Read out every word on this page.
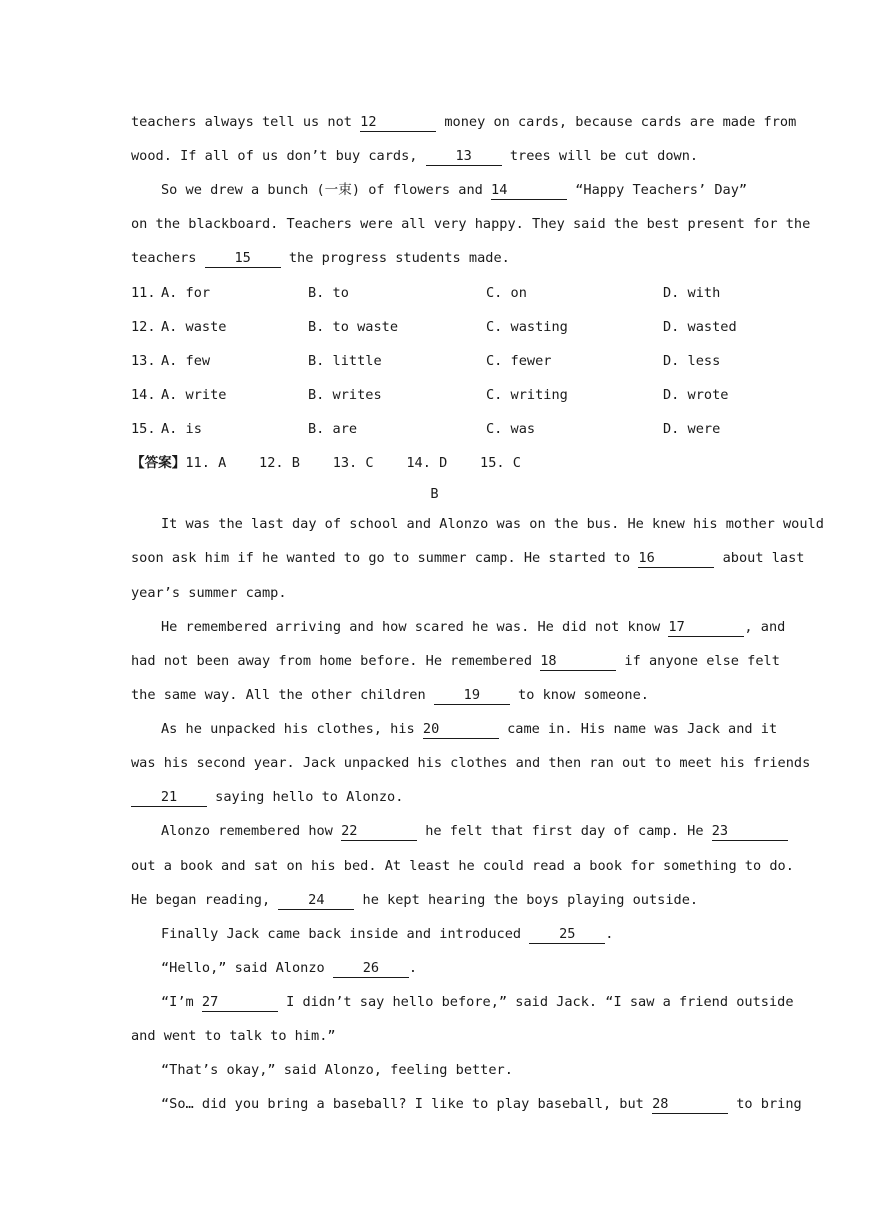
teachers always tell us not 12	money on cards, because cards are made from
wood. If all of us don’t buy cards, 13 trees will be cut down.
So we drew a bunch (一束) of flowers and 14	“Happy Teachers’ Day”
on the blackboard. Teachers were all very happy. They said the best present for the
teachers 15 the progress students made.
11. A. for	B. to	C. on	D. with
12. A. waste	B. to waste	C. wasting	D. wasted
13. A. few	B. little	C. fewer	D. less
14. A. write	B. writes	C. writing	D. wrote
15. A. is	B. are	C. was	D. were
【答案】11. A    12. B    13. C    14. D    15. C
B
It was the last day of school and Alonzo was on the bus. He knew his mother would
soon ask him if he wanted to go to summer camp. He started to 16	about last
year’s summer camp.
He remembered arriving and how scared he was. He did not know 17	, and
had not been away from home before. He remembered 18	if anyone else felt
the same way. All the other children 19 to know someone.
As he unpacked his clothes, his 20	came in. His name was Jack and it
was his second year. Jack unpacked his clothes and then ran out to meet his friends
21 saying hello to Alonzo.
Alonzo remembered how 22	he felt that first day of camp. He 23
out a book and sat on his bed. At least he could read a book for something to do.
He began reading, 24 he kept hearing the boys playing outside.
Finally Jack came back inside and introduced 25 .
“Hello,” said Alonzo 26 .
“I’m 27	I didn’t say hello before,” said Jack. “I saw a friend outside
and went to talk to him.”
“That’s okay,” said Alonzo, feeling better.
“So… did you bring a baseball? I like to play baseball, but 28	to bring
